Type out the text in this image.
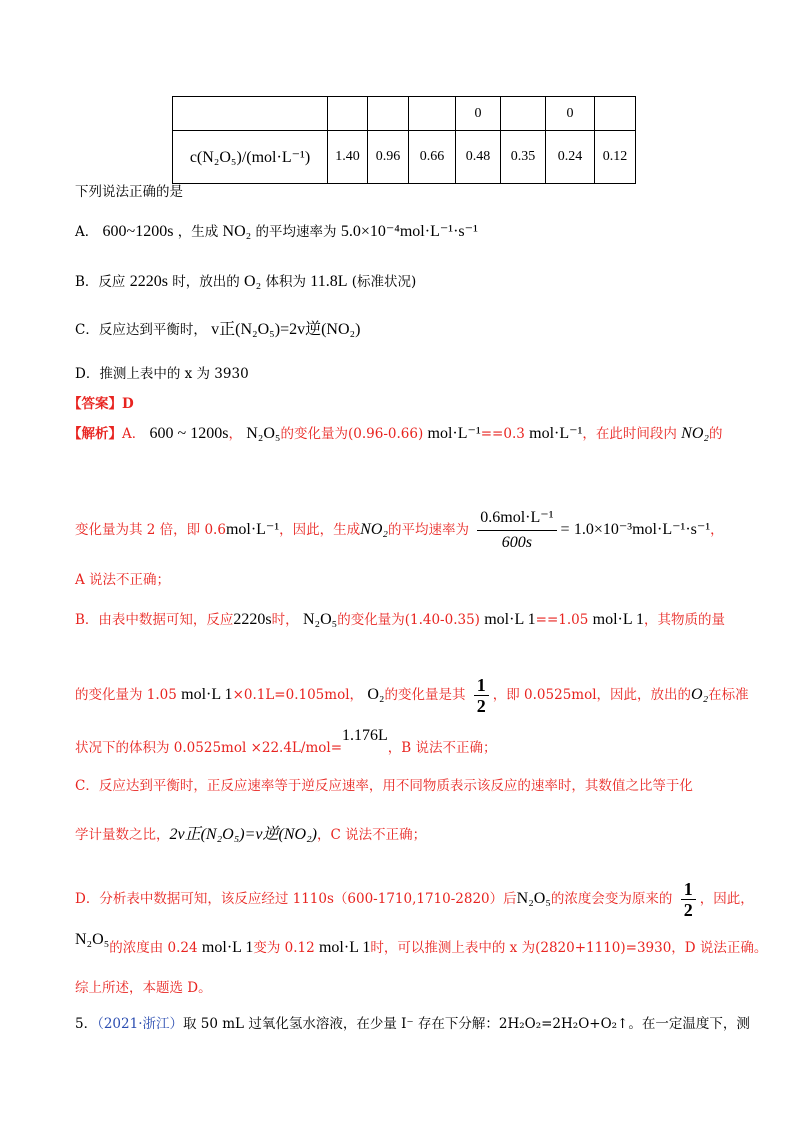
				0		0	
c(N₂O₅)/(mol·L⁻¹)	1.40	0.96	0.66	0.48	0.35	0.24	0.12
下列说法正确的是
A． 600~1200s ，生成 NO₂ 的平均速率为 5.0×10⁻⁴mol·L⁻¹·s⁻¹
B．反应 2220s 时，放出的 O₂ 体积为 11.8L (标准状况)
C．反应达到平衡时， v正(N₂O₅)=2v逆(NO₂)
D．推测上表中的 x 为 3930
【答案】D
【解析】A． 600 ~ 1200s， N₂O₅的变化量为(0.96-0.66) mol·L⁻¹==0.3 mol·L⁻¹，在此时间段内 NO₂的
变化量为其 2 倍，即 0.6mol·L⁻¹，因此，生成NO₂的平均速率为 $\frac{\text{0.6mol·L⁻¹}}{600s} = 1.0\times 10^{-3}mol\cdot L^{-1}\cdot s^{-1}$，
A 说法不正确；
B．由表中数据可知，反应2220s时， N₂O₅的变化量为(1.40-0.35) mol·L 1==1.05 mol·L 1，其物质的量
的变化量为 1.05 mol·L 1×0.1L=0.105mol， O₂的变化量是其 $\frac{1}{2}$ ，即 0.0525mol，因此，放出的O₂在标准
状况下的体积为 0.0525mol ×22.4L/mol=1.176L，B 说法不正确；
C．反应达到平衡时，正反应速率等于逆反应速率，用不同物质表示该反应的速率时，其数值之比等于化
学计量数之比，2v正(N₂O₅)=v逆(NO₂)，C 说法不正确；
D．分析表中数据可知，该反应经过 1110s（600-1710,1710-2820）后N₂O₅的浓度会变为原来的 $\frac{1}{2}$ ，因此，
N₂O₅的浓度由 0.24 mol·L 1变为 0.12 mol·L 1时，可以推测上表中的 x 为(2820+1110)=3930，D 说法正确。
综上所述，本题选 D。
5．（2021·浙江）取 50 mL 过氧化氢水溶液，在少量 I⁻ 存在下分解：2H₂O₂=2H₂O+O₂↑。在一定温度下，测
